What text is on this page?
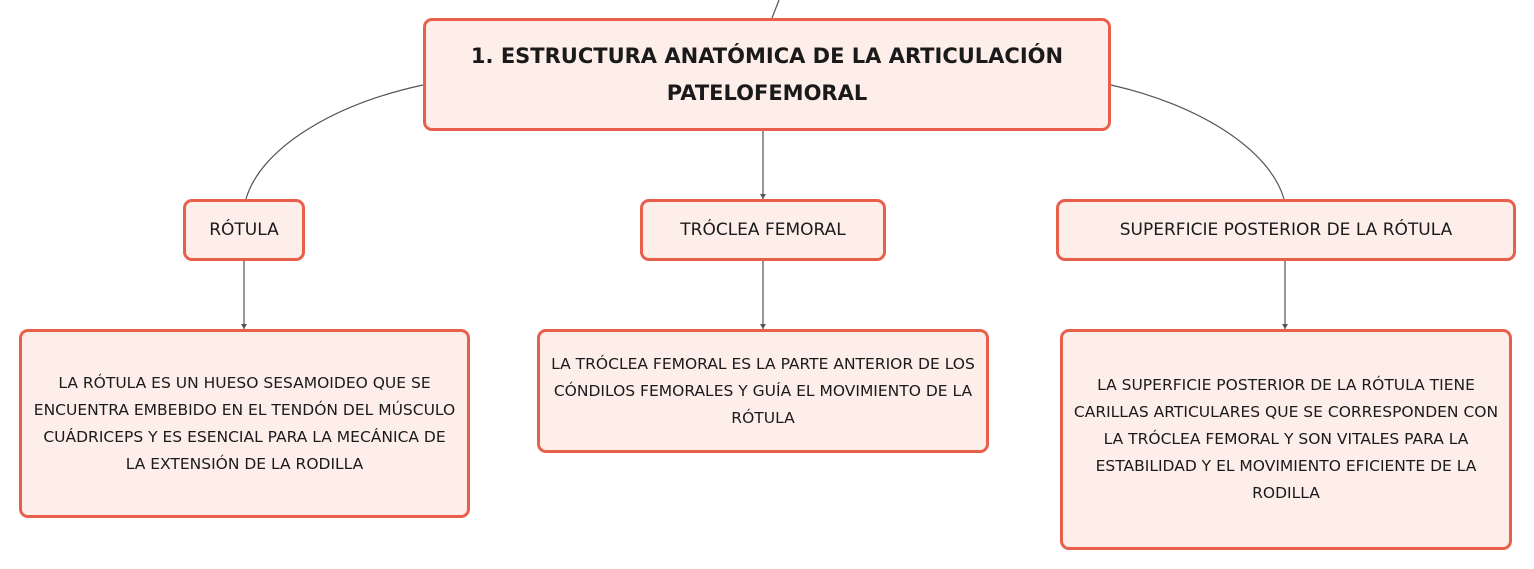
1. ESTRUCTURA ANATÓMICA DE LA ARTICULACIÓN PATELOFEMORAL
RÓTULA	TRÓCLEA FEMORAL	SUPERFICIE POSTERIOR DE LA RÓTULA
LA RÓTULA ES UN HUESO SESAMOIDEO QUE SE ENCUENTRA EMBEBIDO EN EL TENDÓN DEL MÚSCULO CUÁDRICEPS Y ES ESENCIAL PARA LA MECÁNICA DE LA EXTENSIÓN DE LA RODILLA
LA TRÓCLEA FEMORAL ES LA PARTE ANTERIOR DE LOS CÓNDILOS FEMORALES Y GUÍA EL MOVIMIENTO DE LA RÓTULA
LA SUPERFICIE POSTERIOR DE LA RÓTULA TIENE CARILLAS ARTICULARES QUE SE CORRESPONDEN CON LA TRÓCLEA FEMORAL Y SON VITALES PARA LA ESTABILIDAD Y EL MOVIMIENTO EFICIENTE DE LA RODILLA
